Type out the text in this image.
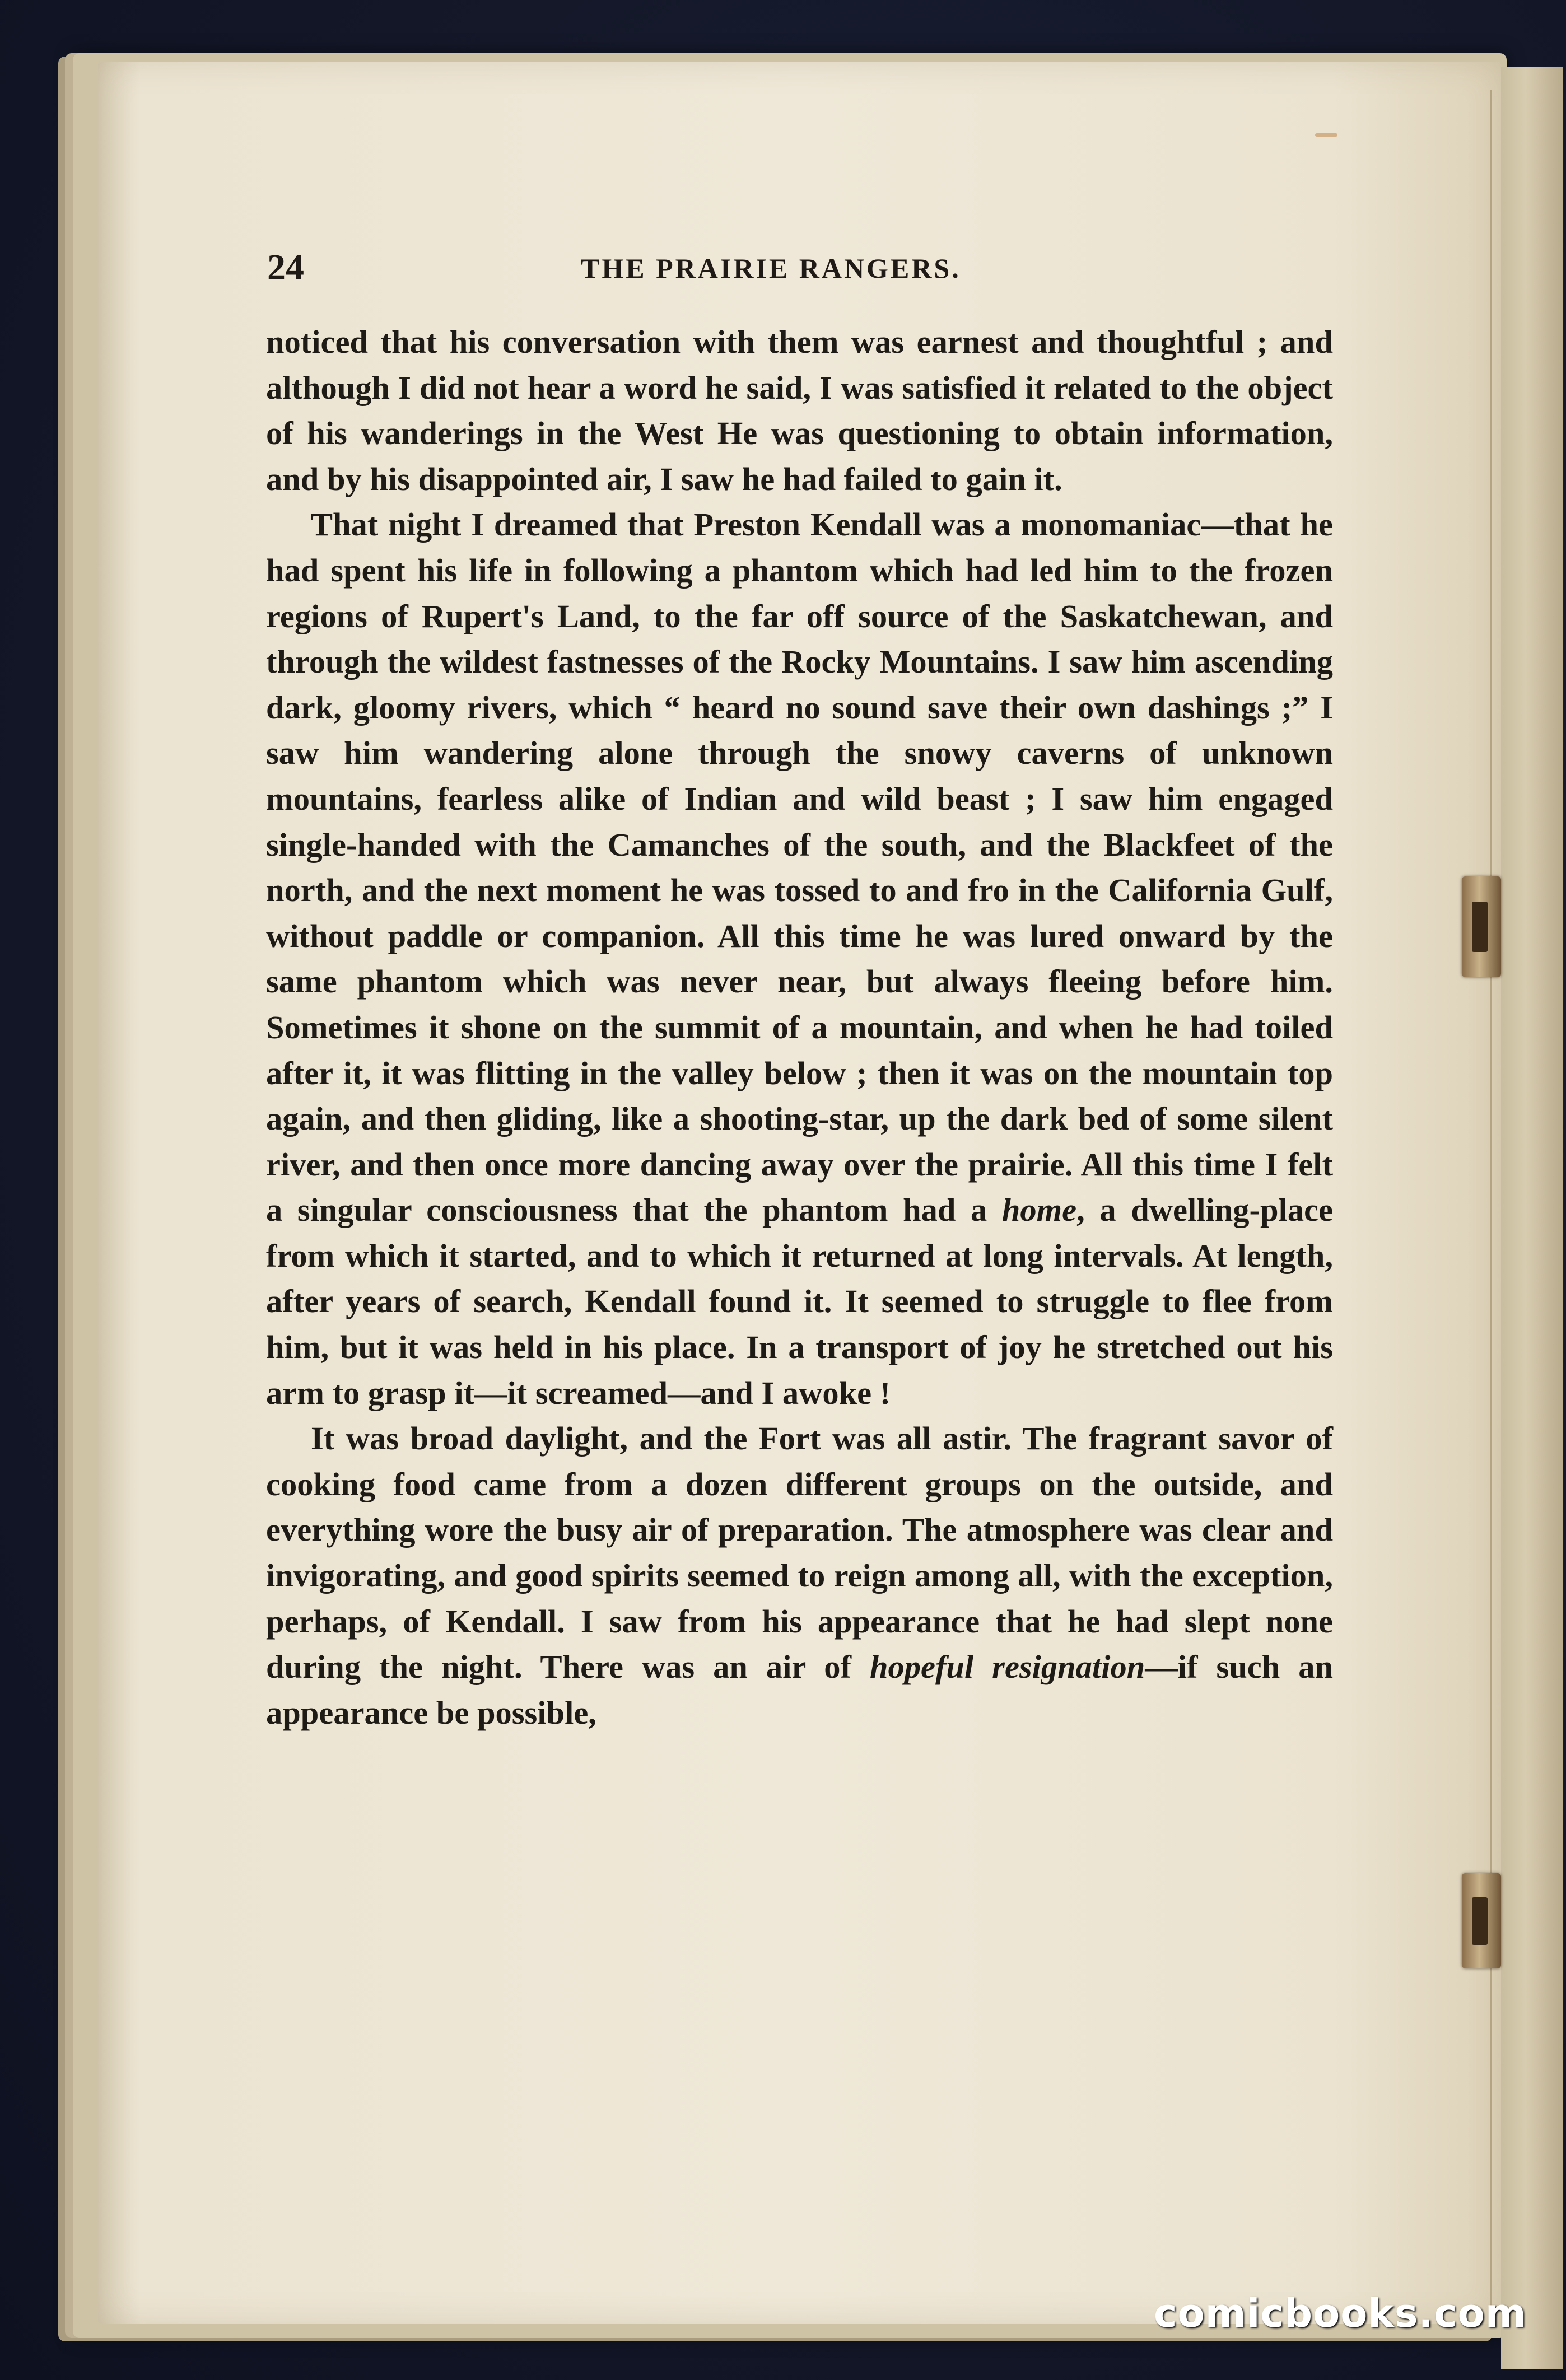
24	THE PRAIRIE RANGERS.

noticed that his conversation with them was earnest and thoughtful ; and although I did not hear a word he said, I was satisfied it related to the object of his wanderings in the West He was questioning to obtain information, and by his disappointed air, I saw he had failed to gain it.

That night I dreamed that Preston Kendall was a monomaniac—that he had spent his life in following a phantom which had led him to the frozen regions of Rupert's Land, to the far off source of the Saskatchewan, and through the wildest fastnesses of the Rocky Mountains. I saw him ascending dark, gloomy rivers, which “ heard no sound save their own dashings ;” I saw him wandering alone through the snowy caverns of unknown mountains, fearless alike of Indian and wild beast ; I saw him engaged single-handed with the Camanches of the south, and the Blackfeet of the north, and the next moment he was tossed to and fro in the California Gulf, without paddle or companion. All this time he was lured onward by the same phantom which was never near, but always fleeing before him. Sometimes it shone on the summit of a mountain, and when he had toiled after it, it was flitting in the valley below ; then it was on the mountain top again, and then gliding, like a shooting-star, up the dark bed of some silent river, and then once more dancing away over the prairie. All this time I felt a singular consciousness that the phantom had a home, a dwelling-place from which it started, and to which it returned at long intervals. At length, after years of search, Kendall found it. It seemed to struggle to flee from him, but it was held in his place. In a transport of joy he stretched out his arm to grasp it—it screamed—and I awoke !

It was broad daylight, and the Fort was all astir. The fragrant savor of cooking food came from a dozen different groups on the outside, and everything wore the busy air of preparation. The atmosphere was clear and invigorating, and good spirits seemed to reign among all, with the exception, perhaps, of Kendall. I saw from his appearance that he had slept none during the night. There was an air of hopeful resignation—if such an appearance be possible,

comicbooks.com
